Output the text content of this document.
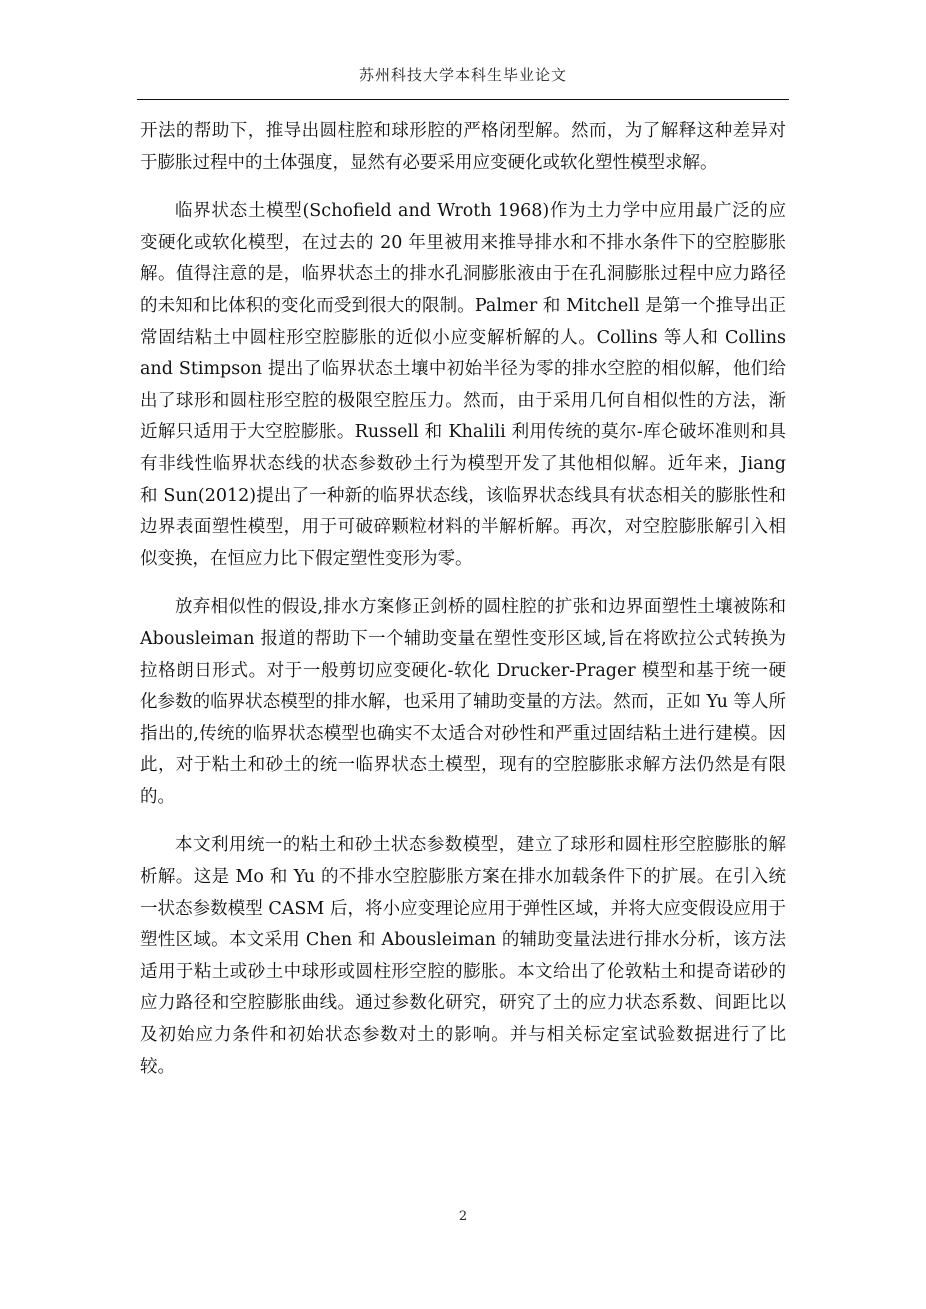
苏州科技大学本科生毕业论文

开法的帮助下，推导出圆柱腔和球形腔的严格闭型解。然而，为了解释这种差异对于膨胀过程中的土体强度，显然有必要采用应变硬化或软化塑性模型求解。

临界状态土模型(Schofield and Wroth 1968)作为土力学中应用最广泛的应变硬化或软化模型，在过去的 20 年里被用来推导排水和不排水条件下的空腔膨胀解。值得注意的是，临界状态土的排水孔洞膨胀液由于在孔洞膨胀过程中应力路径的未知和比体积的变化而受到很大的限制。Palmer 和 Mitchell 是第一个推导出正常固结粘土中圆柱形空腔膨胀的近似小应变解析解的人。Collins 等人和 Collins and Stimpson 提出了临界状态土壤中初始半径为零的排水空腔的相似解，他们给出了球形和圆柱形空腔的极限空腔压力。然而，由于采用几何自相似性的方法，渐近解只适用于大空腔膨胀。Russell 和 Khalili 利用传统的莫尔-库仑破坏准则和具有非线性临界状态线的状态参数砂土行为模型开发了其他相似解。近年来，Jiang 和 Sun(2012)提出了一种新的临界状态线，该临界状态线具有状态相关的膨胀性和边界表面塑性模型，用于可破碎颗粒材料的半解析解。再次，对空腔膨胀解引入相似变换，在恒应力比下假定塑性变形为零。

放弃相似性的假设,排水方案修正剑桥的圆柱腔的扩张和边界面塑性土壤被陈和 Abousleiman 报道的帮助下一个辅助变量在塑性变形区域,旨在将欧拉公式转换为拉格朗日形式。对于一般剪切应变硬化-软化 Drucker-Prager 模型和基于统一硬化参数的临界状态模型的排水解，也采用了辅助变量的方法。然而，正如 Yu 等人所指出的,传统的临界状态模型也确实不太适合对砂性和严重过固结粘土进行建模。因此，对于粘土和砂土的统一临界状态土模型，现有的空腔膨胀求解方法仍然是有限的。

本文利用统一的粘土和砂土状态参数模型，建立了球形和圆柱形空腔膨胀的解析解。这是 Mo 和 Yu 的不排水空腔膨胀方案在排水加载条件下的扩展。在引入统一状态参数模型 CASM 后，将小应变理论应用于弹性区域，并将大应变假设应用于塑性区域。本文采用 Chen 和 Abousleiman 的辅助变量法进行排水分析，该方法适用于粘土或砂土中球形或圆柱形空腔的膨胀。本文给出了伦敦粘土和提奇诺砂的应力路径和空腔膨胀曲线。通过参数化研究，研究了土的应力状态系数、间距比以及初始应力条件和初始状态参数对土的影响。并与相关标定室试验数据进行了比较。

2
